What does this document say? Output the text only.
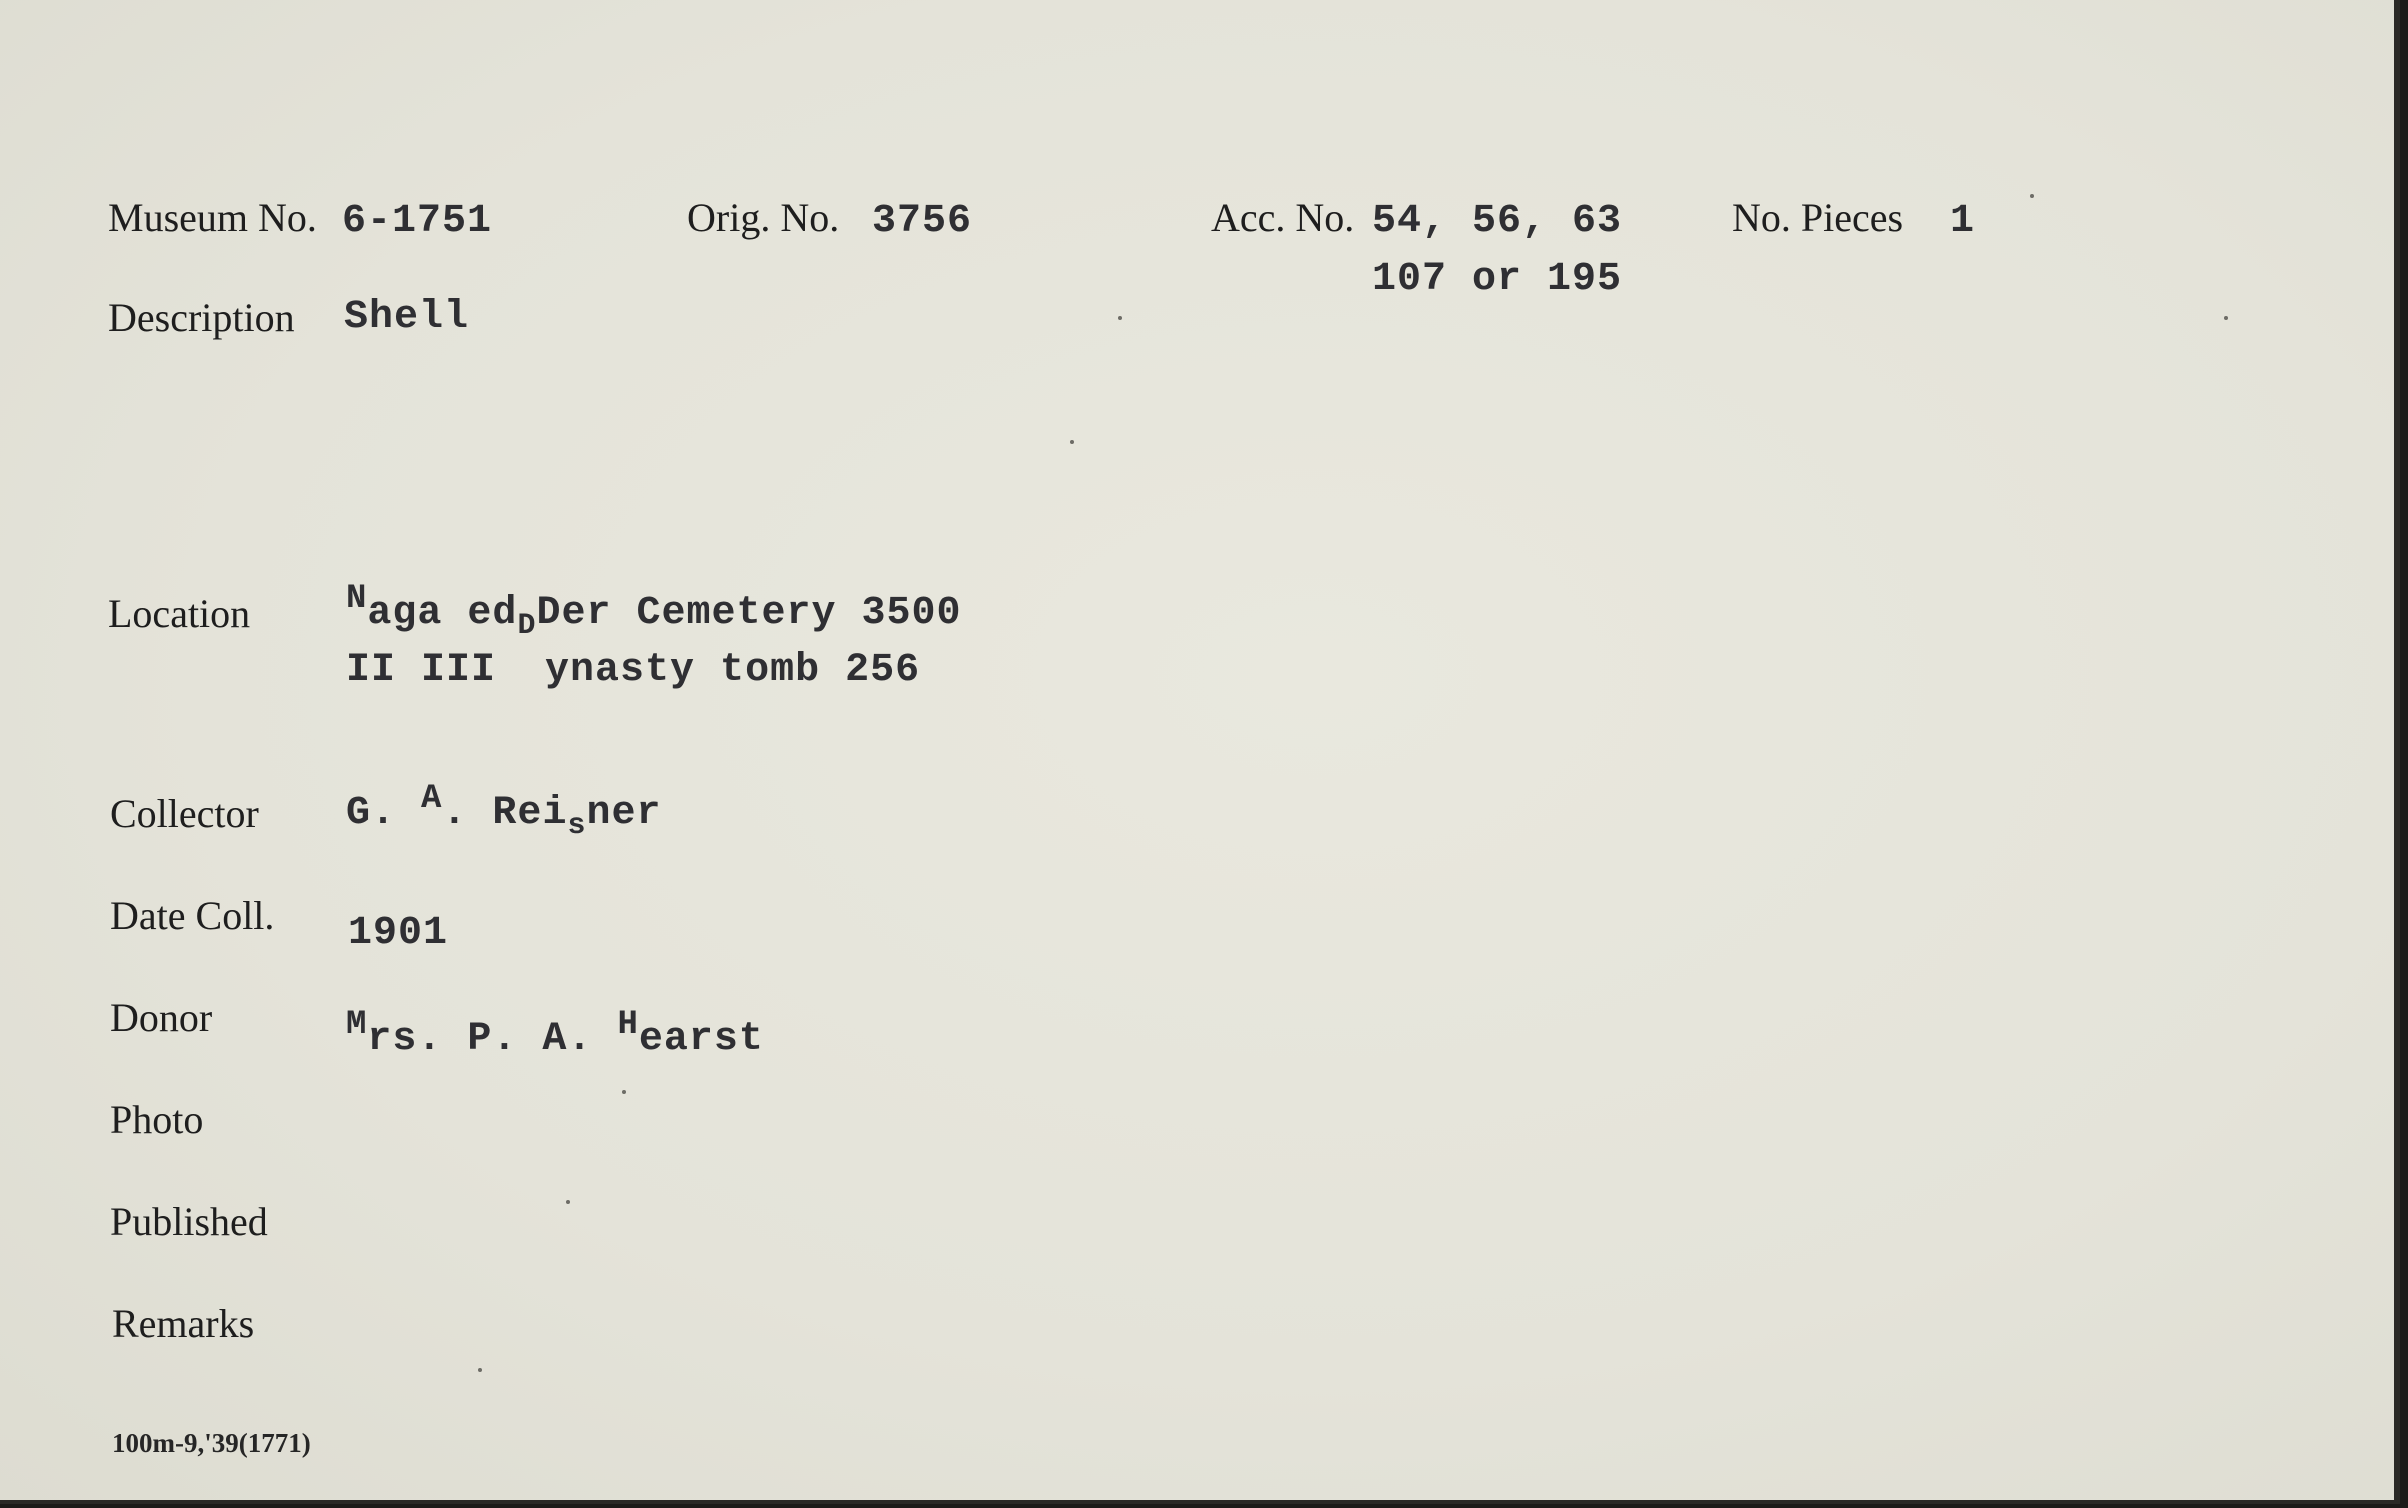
Museum No. 6-1751	Orig. No. 3756	Acc. No. 54, 56, 63
107 or 195
No. Pieces 1
Description Shell
Location	$^N$aga $ed_DDer$ Cemetery 3500
II III ynasty tomb 256
Collector G. $^A$. Rei$_s$ner
Date Coll. 1901
Donor	$^M$rs. P. A. $^H$earst
Photo
Published
Remarks
100m-9,'39(1771)
